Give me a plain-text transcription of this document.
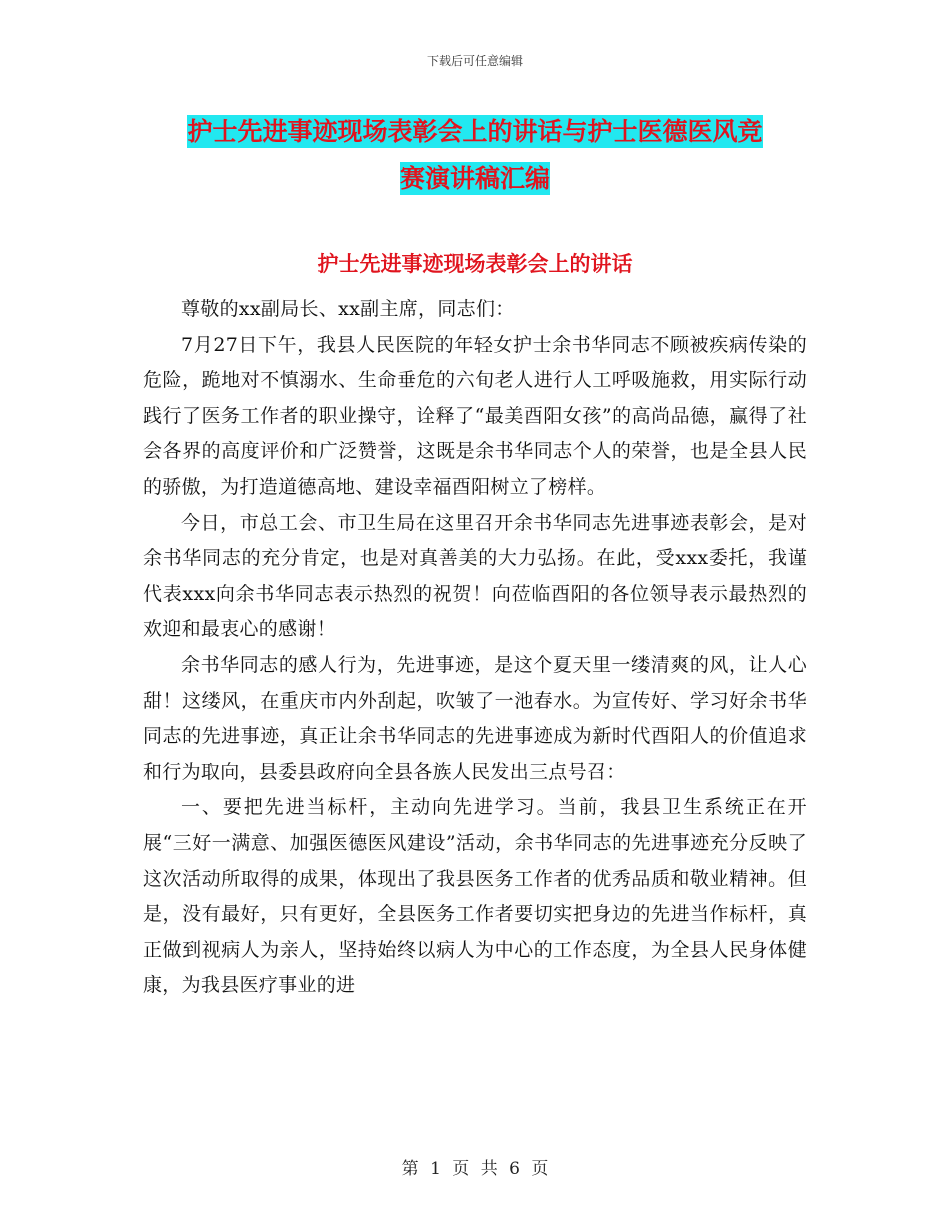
下载后可任意编辑
护士先进事迹现场表彰会上的讲话与护士医德医风竞
赛演讲稿汇编
护士先进事迹现场表彰会上的讲话

尊敬的xx副局长、xx副主席，同志们：

7月27日下午，我县人民医院的年轻女护士余书华同志不顾被疾病传染的危险，跪地对不慎溺水、生命垂危的六旬老人进行人工呼吸施救，用实际行动践行了医务工作者的职业操守，诠释了“最美酉阳女孩”的高尚品德，赢得了社会各界的高度评价和广泛赞誉，这既是余书华同志个人的荣誉，也是全县人民的骄傲，为打造道德高地、建设幸福酉阳树立了榜样。

今日，市总工会、市卫生局在这里召开余书华同志先进事迹表彰会，是对余书华同志的充分肯定，也是对真善美的大力弘扬。在此，受xxx委托，我谨代表xxx向余书华同志表示热烈的祝贺！向莅临酉阳的各位领导表示最热烈的欢迎和最衷心的感谢！

余书华同志的感人行为，先进事迹，是这个夏天里一缕清爽的风，让人心甜！这缕风，在重庆市内外刮起，吹皱了一池春水。为宣传好、学习好余书华同志的先进事迹，真正让余书华同志的先进事迹成为新时代酉阳人的价值追求和行为取向，县委县政府向全县各族人民发出三点号召：

一、要把先进当标杆，主动向先进学习。当前，我县卫生系统正在开展“三好一满意、加强医德医风建设”活动，余书华同志的先进事迹充分反映了这次活动所取得的成果，体现出了我县医务工作者的优秀品质和敬业精神。但是，没有最好，只有更好，全县医务工作者要切实把身边的先进当作标杆，真正做到视病人为亲人，坚持始终以病人为中心的工作态度，为全县人民身体健康，为我县医疗事业的进

第 1 页 共 6 页
